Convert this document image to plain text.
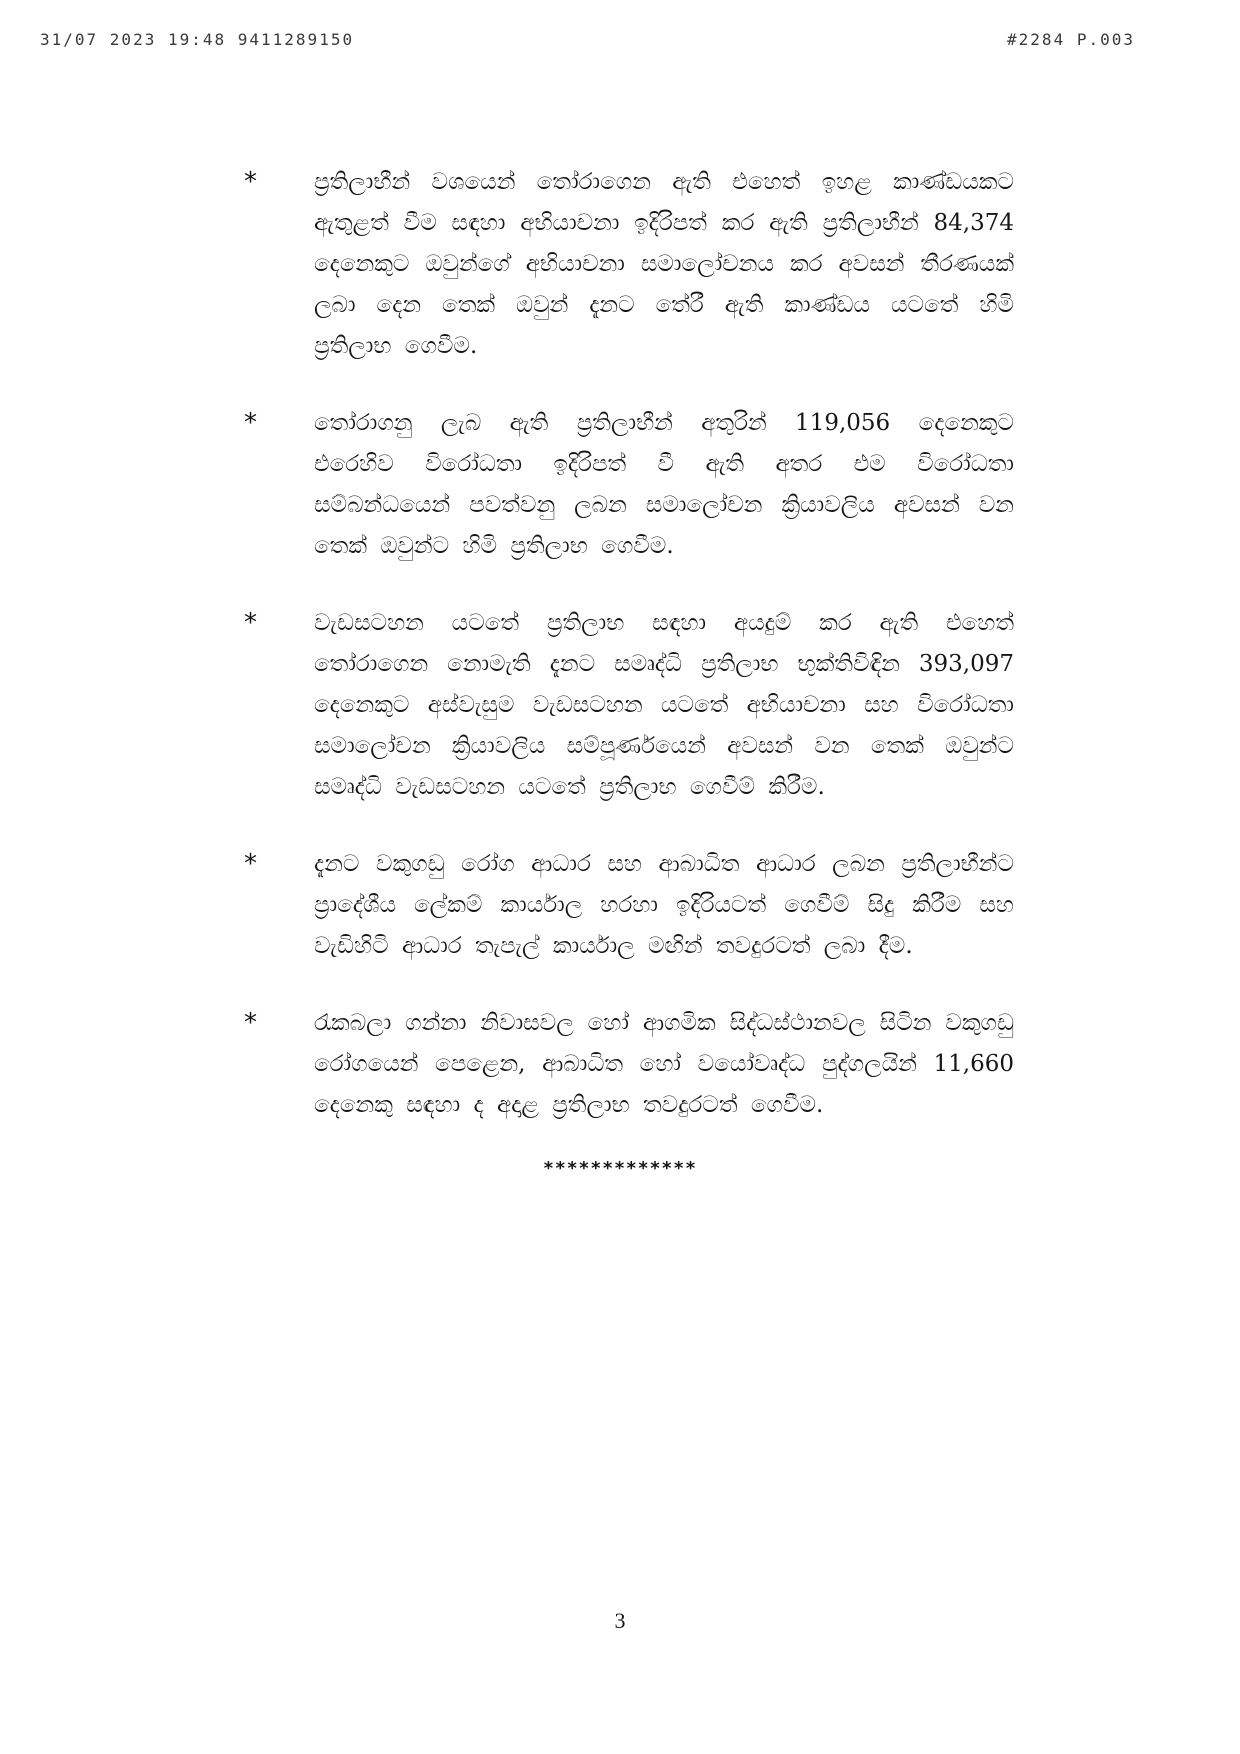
31/07 2023 19:48 9411289150	#2284 P.003
* ප්‍රතිලාභීන් වශයෙන් තෝරාගෙන ඇති එහෙත් ඉහළ කාණ්ඩයකට ඇතුළත් වීම සඳහා අභියාචනා ඉදිරිපත් කර ඇති ප්‍රතිලාභීන් 84,374 දෙනෙකුට ඔවුන්ගේ අභියාචනා සමාලෝචනය කර අවසන් තීරණයක් ලබා දෙන තෙක් ඔවුන් දැනට තේරී ඇති කාණ්ඩය යටතේ හිමි ප්‍රතිලාභ ගෙවීම.
* තෝරාගනු ලැබ ඇති ප්‍රතිලාභීන් අතුරින් 119,056 දෙනෙකුට එරෙහිව විරෝධතා ඉදිරිපත් වී ඇති අතර එම විරෝධතා සම්බන්ධයෙන් පවත්වනු ලබන සමාලෝචන ක්‍රියාවලිය අවසන් වන තෙක් ඔවුන්ට හිමි ප්‍රතිලාභ ගෙවීම.
* වැඩසටහන යටතේ ප්‍රතිලාභ සඳහා අයදුම් කර ඇති එහෙත් තෝරාගෙන නොමැති දැනට සමෘද්ධි ප්‍රතිලාභ භුක්තිවිඳින 393,097 දෙනෙකුට අස්වැසුම වැඩසටහන යටතේ අභියාචනා සහ විරෝධතා සමාලෝචන ක්‍රියාවලිය සම්පූර්ණයෙන් අවසන් වන තෙක් ඔවුන්ට සමෘද්ධි වැඩසටහන යටතේ ප්‍රතිලාභ ගෙවීම් කිරීම.
* දැනට වකුගඩු රෝග ආධාර සහ ආබාධිත ආධාර ලබන ප්‍රතිලාභීන්ට ප්‍රාදේශීය ලේකම් කාර්යාල හරහා ඉදිරියටත් ගෙවීම් සිදු කිරීම සහ වැඩිහිටි ආධාර තැපැල් කාර්යාල මඟින් තවදුරටත් ලබා දීම.
* රැකබලා ගන්නා නිවාසවල හෝ ආගමික සිද්ධස්ථානවල සිටින වකුගඩු රෝගයෙන් පෙළෙන, ආබාධිත හෝ වයෝවෘද්ධ පුද්ගලයින් 11,660 දෙනෙකු සඳහා ද අදාළ ප්‍රතිලාභ තවදුරටත් ගෙවීම.
*************
3
